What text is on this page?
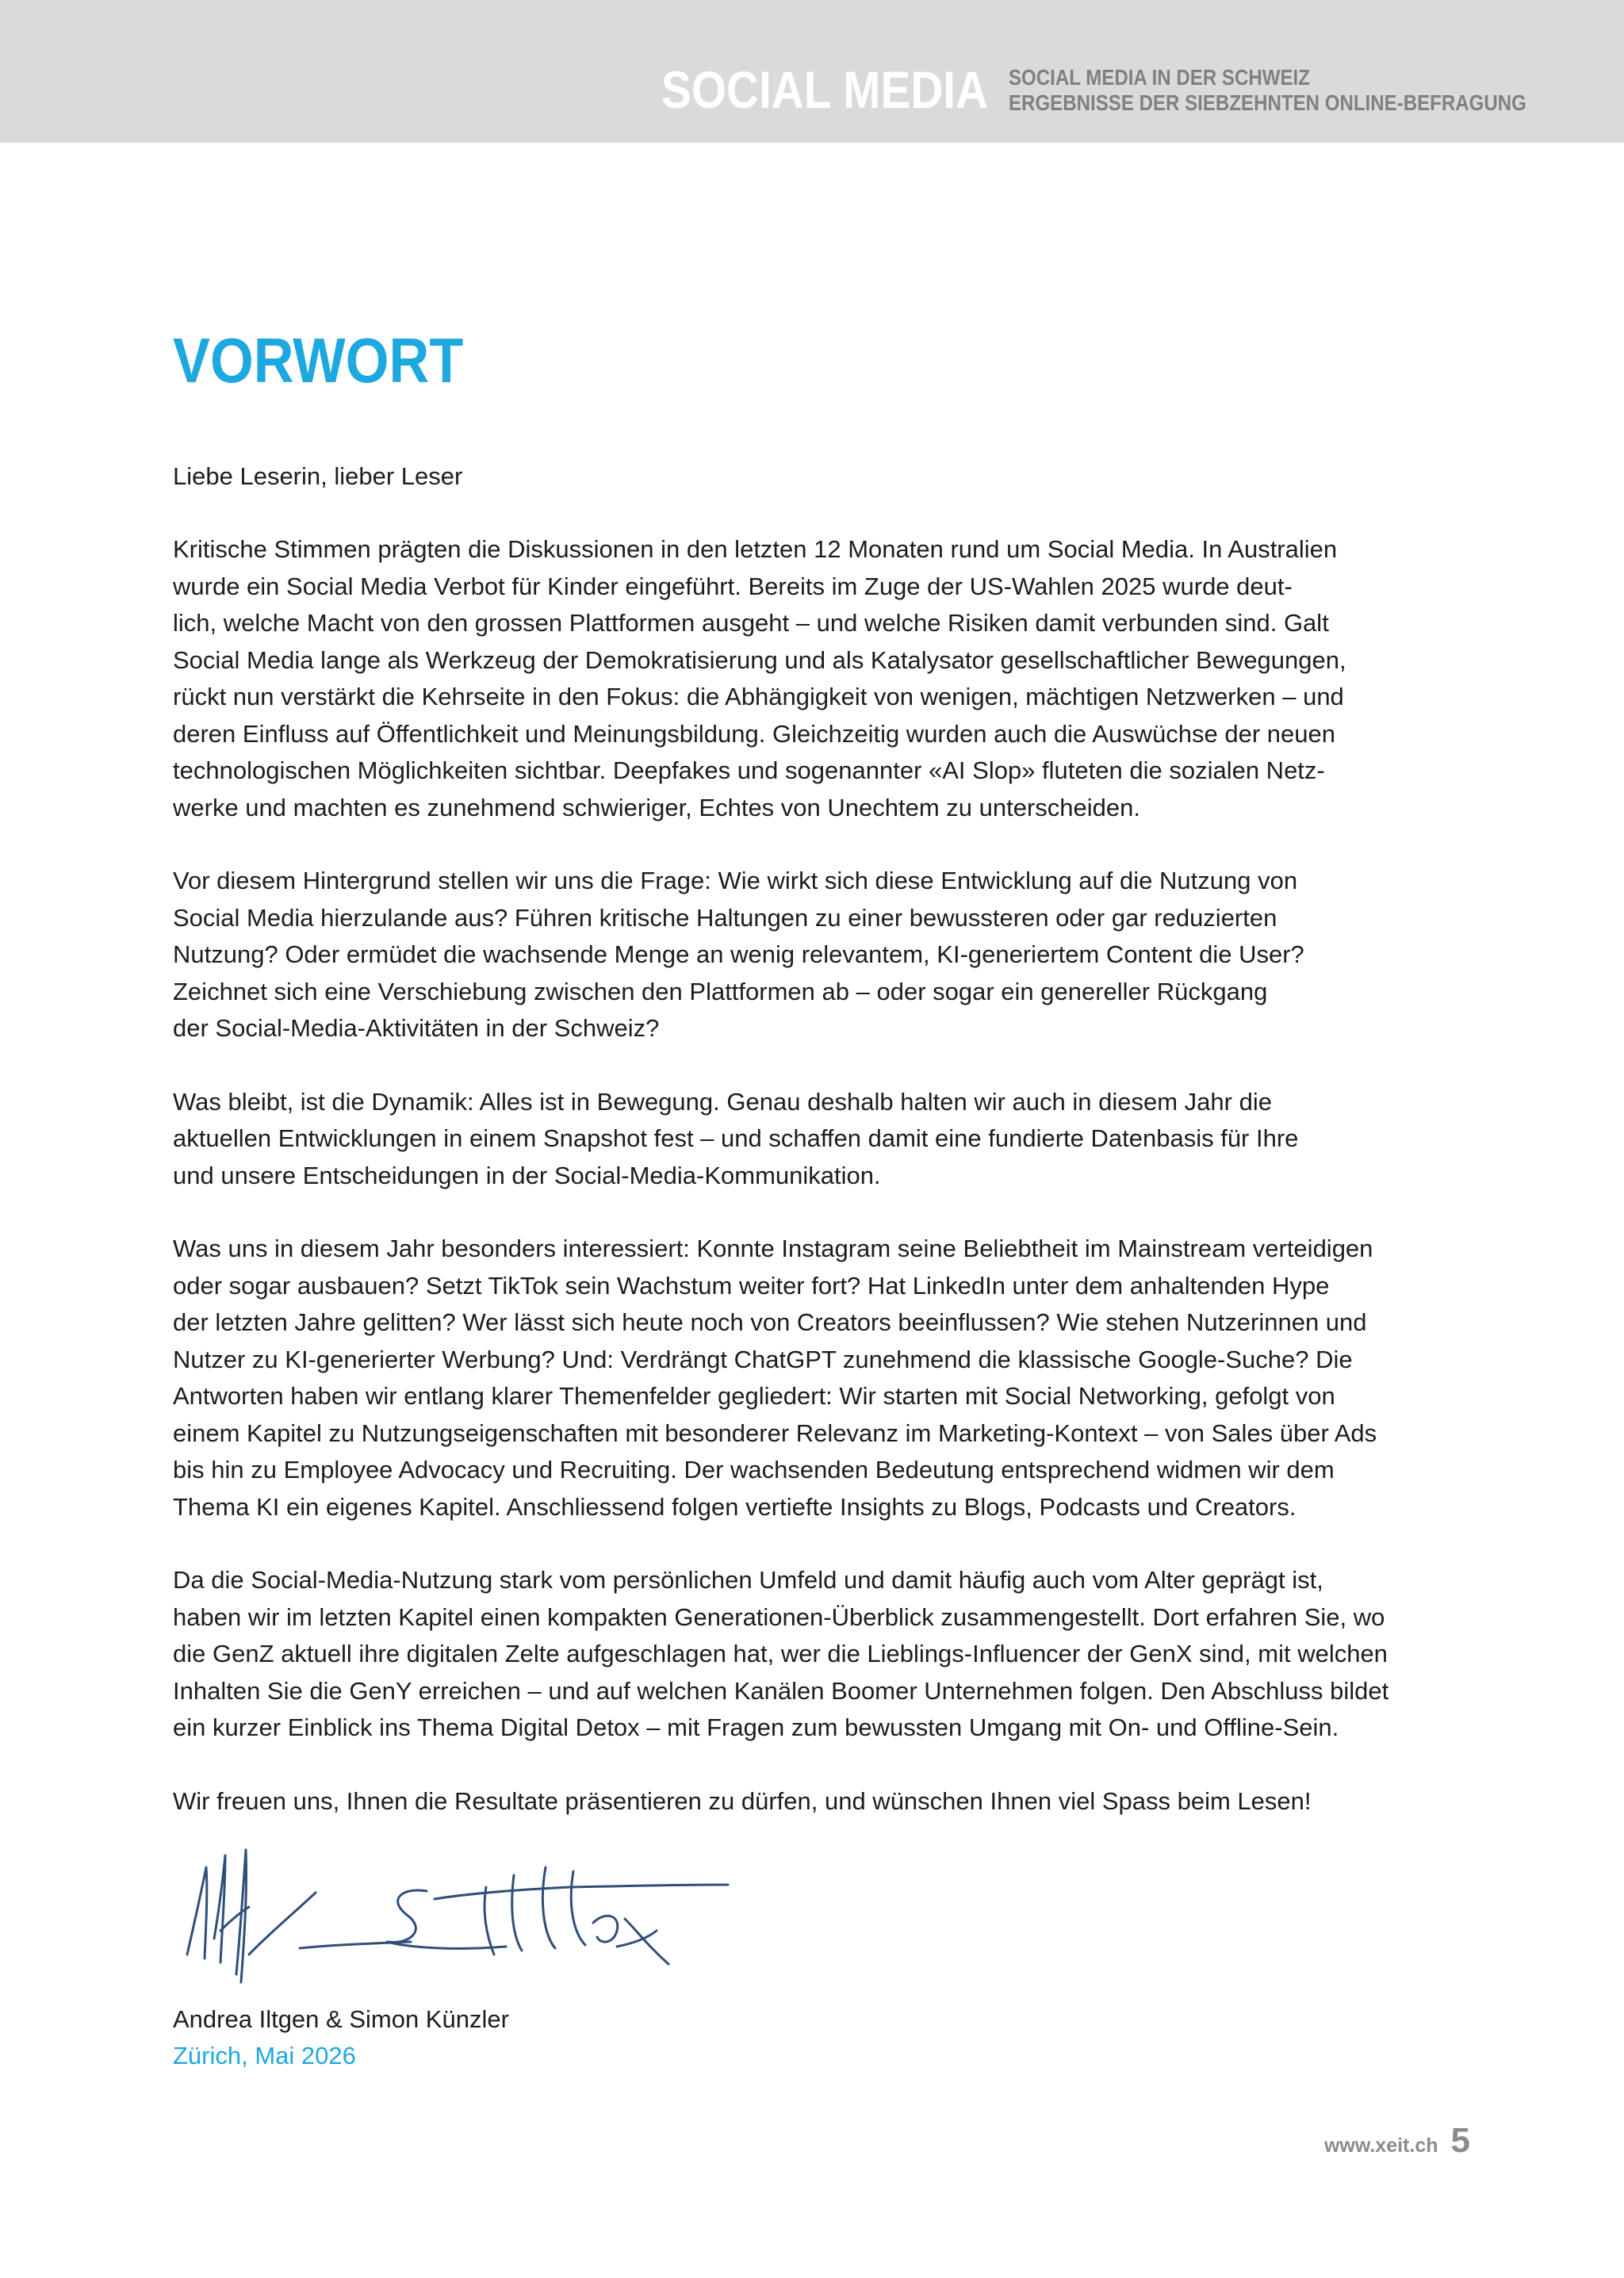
SOCIAL MEDIA SOCIAL MEDIA IN DER SCHWEIZ
ERGEBNISSE DER SIEBZEHNTEN ONLINE-BEFRAGUNG
VORWORT

Liebe Leserin, lieber Leser

Kritische Stimmen prägten die Diskussionen in den letzten 12 Monaten rund um Social Media. In Australien
wurde ein Social Media Verbot für Kinder eingeführt. Bereits im Zuge der US-Wahlen 2025 wurde deut-
lich, welche Macht von den grossen Plattformen ausgeht – und welche Risiken damit verbunden sind. Galt
Social Media lange als Werkzeug der Demokratisierung und als Katalysator gesellschaftlicher Bewegungen,
rückt nun verstärkt die Kehrseite in den Fokus: die Abhängigkeit von wenigen, mächtigen Netzwerken – und
deren Einfluss auf Öffentlichkeit und Meinungsbildung. Gleichzeitig wurden auch die Auswüchse der neuen
technologischen Möglichkeiten sichtbar. Deepfakes und sogenannter «AI Slop» fluteten die sozialen Netz-
werke und machten es zunehmend schwieriger, Echtes von Unechtem zu unterscheiden.

Vor diesem Hintergrund stellen wir uns die Frage: Wie wirkt sich diese Entwicklung auf die Nutzung von
Social Media hierzulande aus? Führen kritische Haltungen zu einer bewussteren oder gar reduzierten
Nutzung? Oder ermüdet die wachsende Menge an wenig relevantem, KI-generiertem Content die User?
Zeichnet sich eine Verschiebung zwischen den Plattformen ab – oder sogar ein genereller Rückgang
der Social-Media-Aktivitäten in der Schweiz?

Was bleibt, ist die Dynamik: Alles ist in Bewegung. Genau deshalb halten wir auch in diesem Jahr die
aktuellen Entwicklungen in einem Snapshot fest – und schaffen damit eine fundierte Datenbasis für Ihre
und unsere Entscheidungen in der Social-Media-Kommunikation.

Was uns in diesem Jahr besonders interessiert: Konnte Instagram seine Beliebtheit im Mainstream verteidigen
oder sogar ausbauen? Setzt TikTok sein Wachstum weiter fort? Hat LinkedIn unter dem anhaltenden Hype
der letzten Jahre gelitten? Wer lässt sich heute noch von Creators beeinflussen? Wie stehen Nutzerinnen und
Nutzer zu KI-generierter Werbung? Und: Verdrängt ChatGPT zunehmend die klassische Google-Suche? Die
Antworten haben wir entlang klarer Themenfelder gegliedert: Wir starten mit Social Networking, gefolgt von
einem Kapitel zu Nutzungseigenschaften mit besonderer Relevanz im Marketing-Kontext – von Sales über Ads
bis hin zu Employee Advocacy und Recruiting. Der wachsenden Bedeutung entsprechend widmen wir dem
Thema KI ein eigenes Kapitel. Anschliessend folgen vertiefte Insights zu Blogs, Podcasts und Creators.

Da die Social-Media-Nutzung stark vom persönlichen Umfeld und damit häufig auch vom Alter geprägt ist,
haben wir im letzten Kapitel einen kompakten Generationen-Überblick zusammengestellt. Dort erfahren Sie, wo
die GenZ aktuell ihre digitalen Zelte aufgeschlagen hat, wer die Lieblings-Influencer der GenX sind, mit welchen
Inhalten Sie die GenY erreichen – und auf welchen Kanälen Boomer Unternehmen folgen. Den Abschluss bildet
ein kurzer Einblick ins Thema Digital Detox – mit Fragen zum bewussten Umgang mit On- und Offline-Sein.

Wir freuen uns, Ihnen die Resultate präsentieren zu dürfen, und wünschen Ihnen viel Spass beim Lesen!

Andrea Iltgen & Simon Künzler
Zürich, Mai 2026
www.xeit.ch 5
